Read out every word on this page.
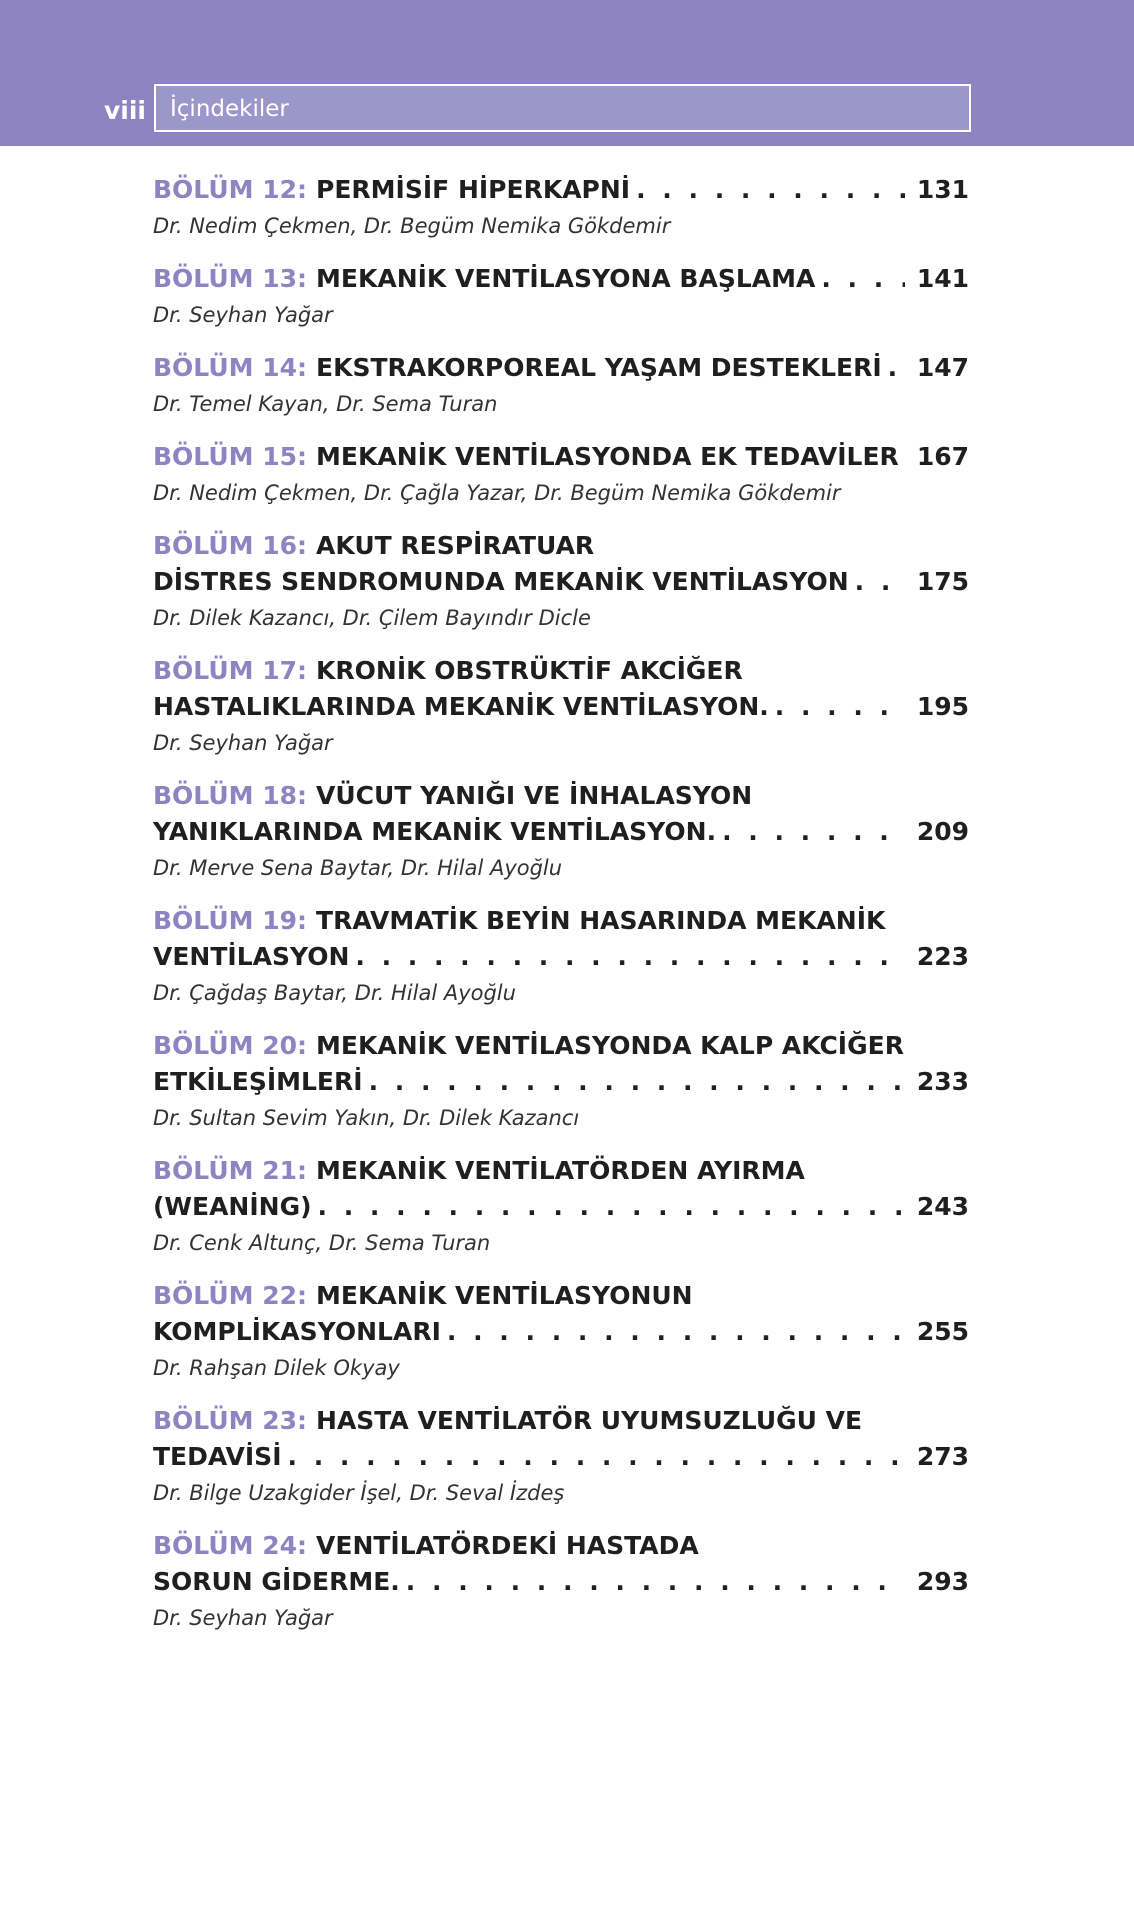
viii İçindekiler
BÖLÜM 12: PERMİSİF HİPERKAPNİ . . .	131
Dr. Nedim Çekmen, Dr. Begüm Nemika Gökdemir
BÖLÜM 13: MEKANİK VENTİLASYONA BAŞLAMA . . .	141
Dr. Seyhan Yağar
BÖLÜM 14: EKSTRAKORPOREAL YAŞAM DESTEKLERİ . . . 147
Dr. Temel Kayan, Dr. Sema Turan
BÖLÜM 15: MEKANİK VENTİLASYONDA EK TEDAVİLER . . . 167
Dr. Nedim Çekmen, Dr. Çağla Yazar, Dr. Begüm Nemika Gökdemir
BÖLÜM 16: AKUT RESPİRATUAR
DİSTRES SENDROMUNDA MEKANİK VENTİLASYON . . .	175
Dr. Dilek Kazancı, Dr. Çilem Bayındır Dicle
BÖLÜM 17: KRONİK OBSTRÜKTİF AKCİĞER
HASTALIKLARINDA MEKANİK VENTİLASYON. . . .	195
Dr. Seyhan Yağar
BÖLÜM 18: VÜCUT YANIĞI VE İNHALASYON
YANIKLARINDA MEKANİK VENTİLASYON. . . .	209
Dr. Merve Sena Baytar, Dr. Hilal Ayoğlu
BÖLÜM 19: TRAVMATİK BEYİN HASARINDA MEKANİK
VENTİLASYON . . .	223
Dr. Çağdaş Baytar, Dr. Hilal Ayoğlu
BÖLÜM 20: MEKANİK VENTİLASYONDA KALP AKCİĞER
ETKİLEŞİMLERİ . . .	233
Dr. Sultan Sevim Yakın, Dr. Dilek Kazancı
BÖLÜM 21: MEKANİK VENTİLATÖRDEN AYIRMA
(WEANİNG) . . .	243
Dr. Cenk Altunç, Dr. Sema Turan
BÖLÜM 22: MEKANİK VENTİLASYONUN
KOMPLİKASYONLARI . . .	255
Dr. Rahşan Dilek Okyay
BÖLÜM 23: HASTA VENTİLATÖR UYUMSUZLUĞU VE
TEDAVİSİ . . .	273
Dr. Bilge Uzakgider İşel, Dr. Seval İzdeş
BÖLÜM 24: VENTİLATÖRDEKİ HASTADA
SORUN GİDERME. . . .	293
Dr. Seyhan Yağar
